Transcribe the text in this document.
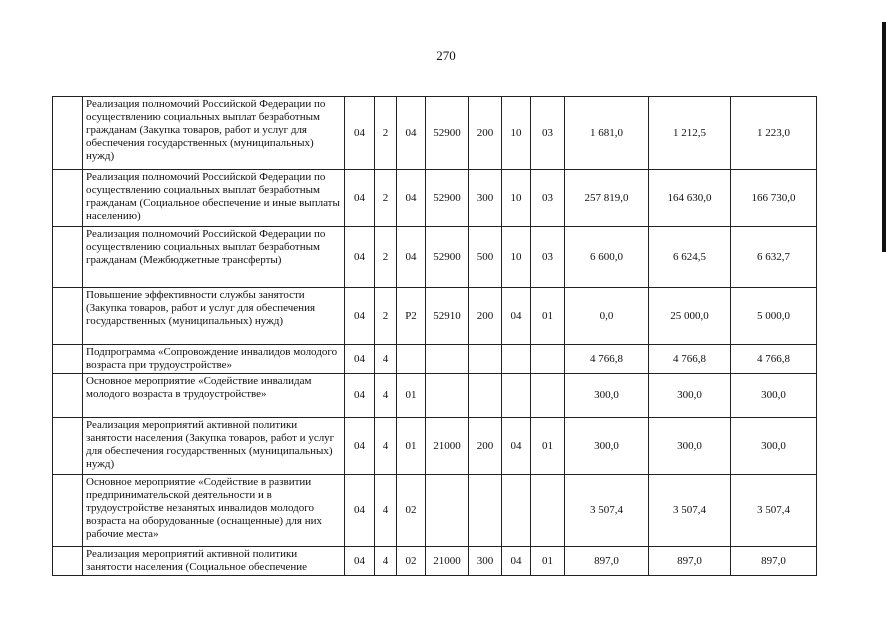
270
	Реализация полномочий Российской Федерации по осуществлению социальных выплат безработным гражданам (Закупка товаров, работ и услуг для обеспечения государственных (муниципальных) нужд)	04	2	04	52900	200	10	03	1 681,0	1 212,5	1 223,0
	Реализация полномочий Российской Федерации по осуществлению социальных выплат безработным гражданам (Социальное обеспечение и иные выплаты населению)	04	2	04	52900	300	10	03	257 819,0	164 630,0	166 730,0
	Реализация полномочий Российской Федерации по осуществлению социальных выплат безработным гражданам (Межбюджетные трансферты)	04	2	04	52900	500	10	03	6 600,0	6 624,5	6 632,7
	Повышение эффективности службы занятости (Закупка товаров, работ и услуг для обеспечения государственных (муниципальных) нужд)	04	2	Р2	52910	200	04	01	0,0	25 000,0	5 000,0
	Подпрограмма «Сопровождение инвалидов молодого возраста при трудоустройстве»	04	4						4 766,8	4 766,8	4 766,8
	Основное мероприятие «Содействие инвалидам молодого возраста в трудоустройстве»	04	4	01					300,0	300,0	300,0
	Реализация мероприятий активной политики занятости населения (Закупка товаров, работ и услуг для обеспечения государственных (муниципальных) нужд)	04	4	01	21000	200	04	01	300,0	300,0	300,0
	Основное мероприятие «Содействие в развитии предпринимательской деятельности и в трудоустройстве незанятых инвалидов молодого возраста на оборудованные (оснащенные) для них рабочие места»	04	4	02					3 507,4	3 507,4	3 507,4
	Реализация мероприятий активной политики занятости населения (Социальное обеспечение	04	4	02	21000	300	04	01	897,0	897,0	897,0
